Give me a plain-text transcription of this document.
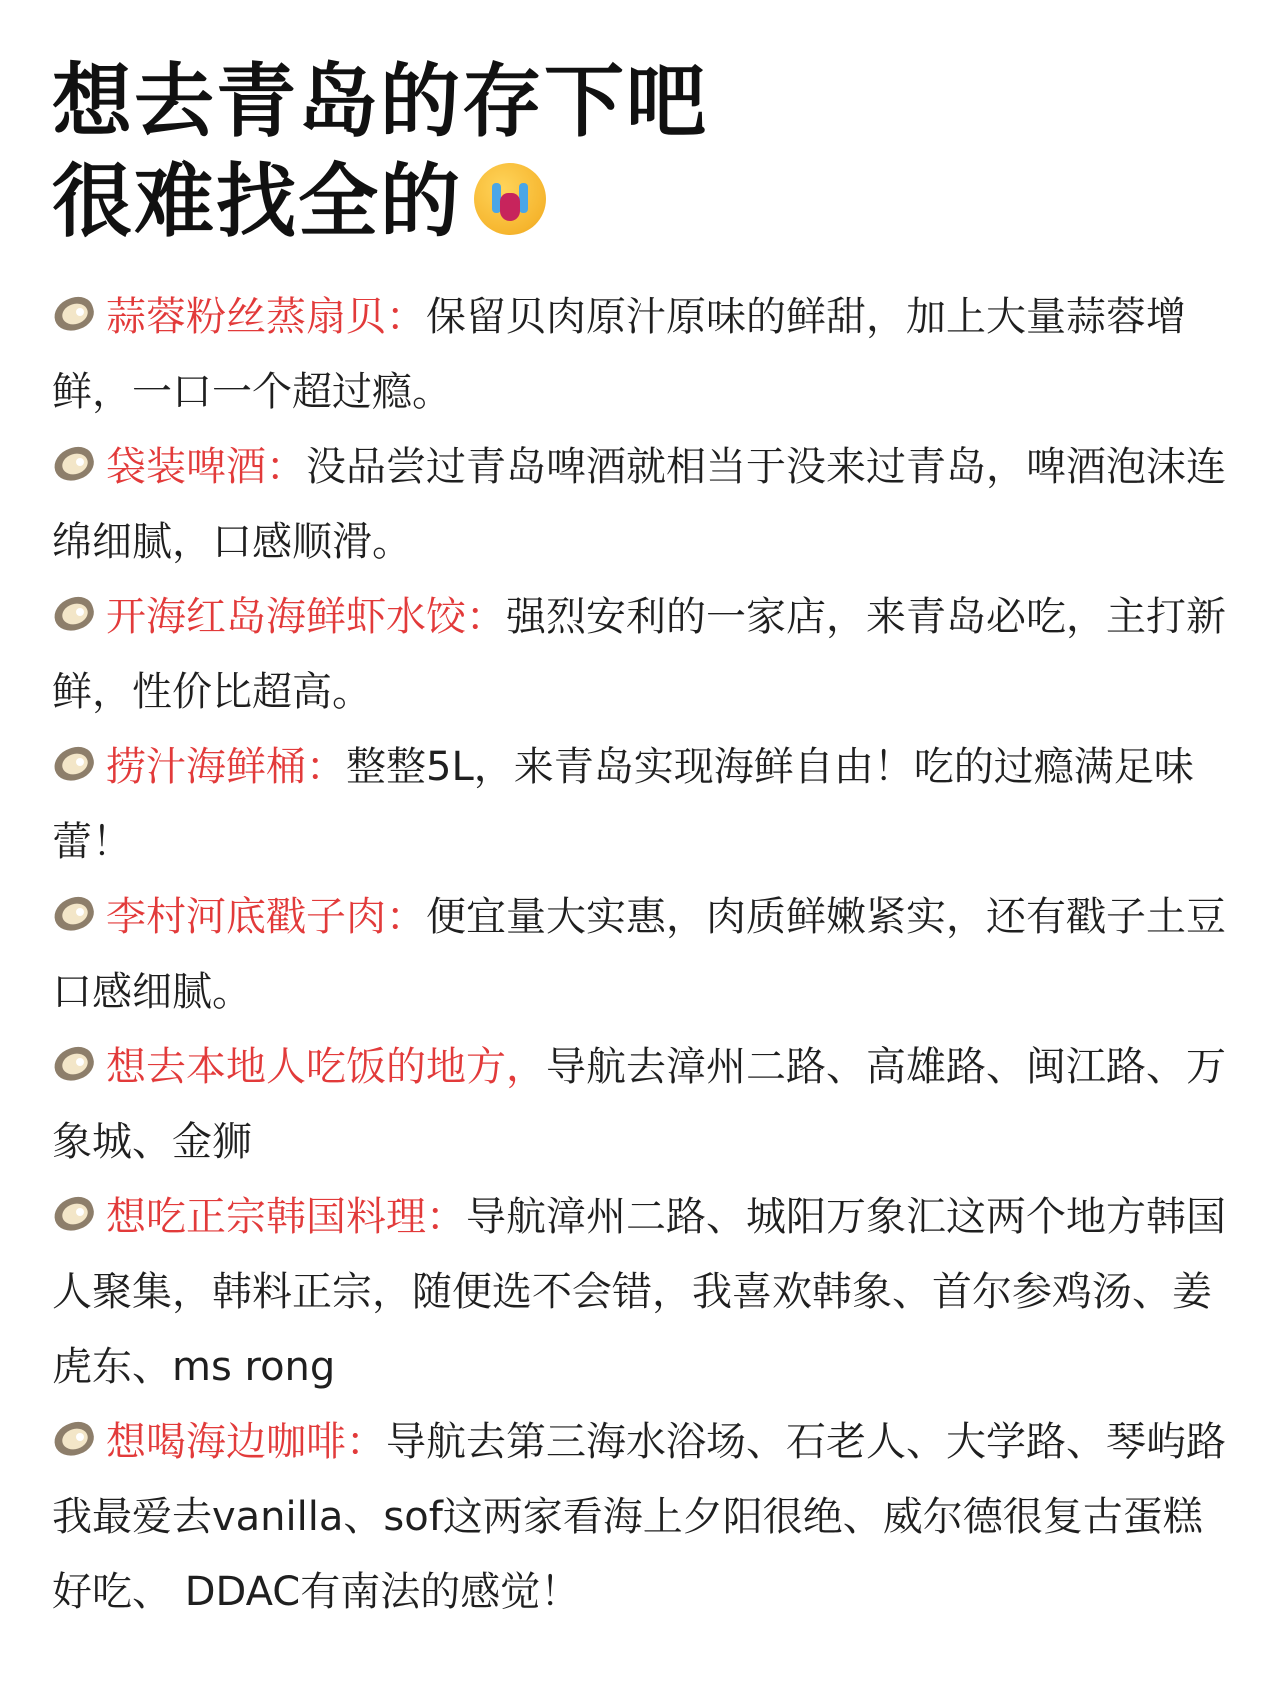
想去青岛的存下吧
很难找全的

蒜蓉粉丝蒸扇贝：保留贝肉原汁原味的鲜甜，加上大量蒜蓉增鲜，一口一个超过瘾。

袋装啤酒：没品尝过青岛啤酒就相当于没来过青岛，啤酒泡沫连绵细腻，口感顺滑。

开海红岛海鲜虾水饺：强烈安利的一家店，来青岛必吃，主打新鲜，性价比超高。

捞汁海鲜桶：整整5L，来青岛实现海鲜自由！吃的过瘾满足味蕾！

李村河底戳子肉：便宜量大实惠，肉质鲜嫩紧实，还有戳子土豆口感细腻。

想去本地人吃饭的地方，导航去漳州二路、高雄路、闽江路、万象城、金狮

想吃正宗韩国料理：导航漳州二路、城阳万象汇这两个地方韩国人聚集，韩料正宗，随便选不会错，我喜欢韩象、首尔参鸡汤、姜虎东、ms rong

想喝海边咖啡：导航去第三海水浴场、石老人、大学路、琴屿路我最爱去vanilla、sof这两家看海上夕阳很绝、威尔德很复古蛋糕好吃、 DDAC有南法的感觉！
